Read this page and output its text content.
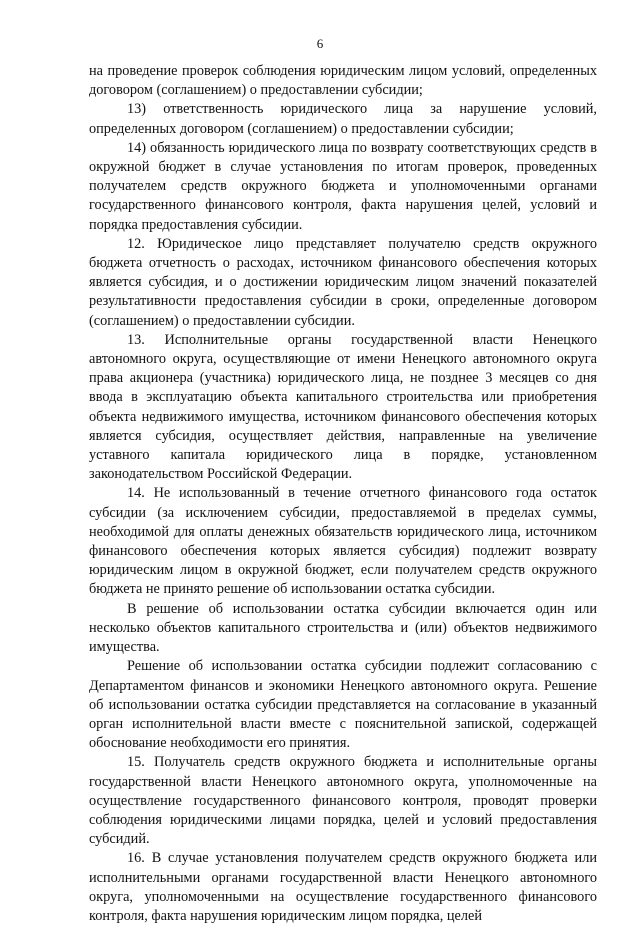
6

на проведение проверок соблюдения юридическим лицом условий, определенных договором (соглашением) о предоставлении субсидии;

13) ответственность юридического лица за нарушение условий, определенных договором (соглашением) о предоставлении субсидии;

14) обязанность юридического лица по возврату соответствующих средств в окружной бюджет в случае установления по итогам проверок, проведенных получателем средств окружного бюджета и уполномоченными органами государственного финансового контроля, факта нарушения целей, условий и порядка предоставления субсидии.

12. Юридическое лицо представляет получателю средств окружного бюджета отчетность о расходах, источником финансового обеспечения которых является субсидия, и о достижении юридическим лицом значений показателей результативности предоставления субсидии в сроки, определенные договором (соглашением) о предоставлении субсидии.

13. Исполнительные органы государственной власти Ненецкого автономного округа, осуществляющие от имени Ненецкого автономного округа права акционера (участника) юридического лица, не позднее 3 месяцев со дня ввода в эксплуатацию объекта капитального строительства или приобретения объекта недвижимого имущества, источником финансового обеспечения которых является субсидия, осуществляет действия, направленные на увеличение уставного капитала юридического лица в порядке, установленном законодательством Российской Федерации.

14. Не использованный в течение отчетного финансового года остаток субсидии (за исключением субсидии, предоставляемой в пределах суммы, необходимой для оплаты денежных обязательств юридического лица, источником финансового обеспечения которых является субсидия) подлежит возврату юридическим лицом в окружной бюджет, если получателем средств окружного бюджета не принято решение об использовании остатка субсидии.

В решение об использовании остатка субсидии включается один или несколько объектов капитального строительства и (или) объектов недвижимого имущества.

Решение об использовании остатка субсидии подлежит согласованию с Департаментом финансов и экономики Ненецкого автономного округа. Решение об использовании остатка субсидии представляется на согласование в указанный орган исполнительной власти вместе с пояснительной запиской, содержащей обоснование необходимости его принятия.

15. Получатель средств окружного бюджета и исполнительные органы государственной власти Ненецкого автономного округа, уполномоченные на осуществление государственного финансового контроля, проводят проверки соблюдения юридическими лицами порядка, целей и условий предоставления субсидий.

16. В случае установления получателем средств окружного бюджета или исполнительными органами государственной власти Ненецкого автономного округа, уполномоченными на осуществление государственного финансового контроля, факта нарушения юридическим лицом порядка, целей
